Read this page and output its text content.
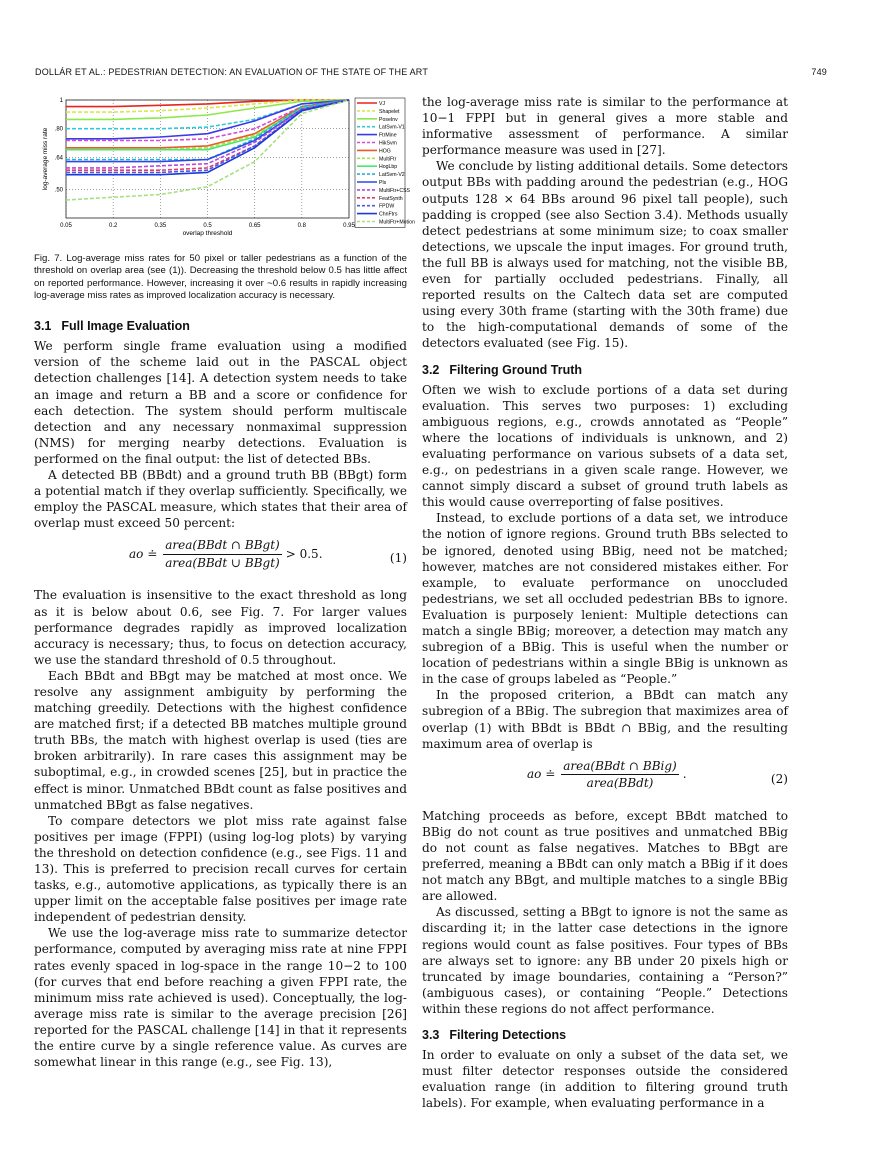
DOLLÁR ET AL.: PEDESTRIAN DETECTION: AN EVALUATION OF THE STATE OF THE ART	749
0.05	0.2	0.35	0.5	0.65	0.8	0.95
1
.80
.64
.50
overlap threshold
log-average miss rate
VJ
Shapelet
PoseInv
LatSvm-V1
FtrMine
HikSvm
HOG
MultiFtr
HogLbp
LatSvm-V2
Pls
MultiFtr+CSS
FeatSynth
FPDW
ChnFtrs
MultiFtr+Motion

Fig. 7. Log-average miss rates for 50 pixel or taller pedestrians as a function of the threshold on overlap area (see (1)). Decreasing the threshold below 0.5 has little affect on reported performance. However, increasing it over ~0.6 results in rapidly increasing log-average miss rates as improved localization accuracy is necessary.

3.1 Full Image Evaluation

We perform single frame evaluation using a modified version of the scheme laid out in the PASCAL object detection challenges [14]. A detection system needs to take an image and return a BB and a score or confidence for each detection. The system should perform multiscale detection and any necessary nonmaximal suppression (NMS) for merging nearby detections. Evaluation is performed on the final output: the list of detected BBs.

A detected BB (BBdt) and a ground truth BB (BBgt) form a potential match if they overlap sufficiently. Specifically, we employ the PASCAL measure, which states that their area of overlap must exceed 50 percent:

ao ≐ $\frac{\text{area(BBdt ∩ BBgt)}}{\text{area(BBdt ∪ BBgt)}} > 0.5$.	(1)

The evaluation is insensitive to the exact threshold as long as it is below about 0.6, see Fig. 7. For larger values performance degrades rapidly as improved localization accuracy is necessary; thus, to focus on detection accuracy, we use the standard threshold of 0.5 throughout.

Each BBdt and BBgt may be matched at most once. We resolve any assignment ambiguity by performing the matching greedily. Detections with the highest confidence are matched first; if a detected BB matches multiple ground truth BBs, the match with highest overlap is used (ties are broken arbitrarily). In rare cases this assignment may be suboptimal, e.g., in crowded scenes [25], but in practice the effect is minor. Unmatched BBdt count as false positives and unmatched BBgt as false negatives.

To compare detectors we plot miss rate against false positives per image (FPPI) (using log-log plots) by varying the threshold on detection confidence (e.g., see Figs. 11 and 13). This is preferred to precision recall curves for certain tasks, e.g., automotive applications, as typically there is an upper limit on the acceptable false positives per image rate independent of pedestrian density.

We use the log-average miss rate to summarize detector performance, computed by averaging miss rate at nine FPPI rates evenly spaced in log-space in the range 10−2 to 100 (for curves that end before reaching a given FPPI rate, the minimum miss rate achieved is used). Conceptually, the log-average miss rate is similar to the average precision [26] reported for the PASCAL challenge [14] in that it represents the entire curve by a single reference value. As curves are somewhat linear in this range (e.g., see Fig. 13),

the log-average miss rate is similar to the performance at 10−1 FPPI but in general gives a more stable and informative assessment of performance. A similar performance measure was used in [27].

We conclude by listing additional details. Some detectors output BBs with padding around the pedestrian (e.g., HOG outputs 128 × 64 BBs around 96 pixel tall people), such padding is cropped (see also Section 3.4). Methods usually detect pedestrians at some minimum size; to coax smaller detections, we upscale the input images. For ground truth, the full BB is always used for matching, not the visible BB, even for partially occluded pedestrians. Finally, all reported results on the Caltech data set are computed using every 30th frame (starting with the 30th frame) due to the high-computational demands of some of the detectors evaluated (see Fig. 15).

3.2 Filtering Ground Truth

Often we wish to exclude portions of a data set during evaluation. This serves two purposes: 1) excluding ambiguous regions, e.g., crowds annotated as “People” where the locations of individuals is unknown, and 2) evaluating performance on various subsets of a data set, e.g., on pedestrians in a given scale range. However, we cannot simply discard a subset of ground truth labels as this would cause overreporting of false positives.

Instead, to exclude portions of a data set, we introduce the notion of ignore regions. Ground truth BBs selected to be ignored, denoted using BBig, need not be matched; however, matches are not considered mistakes either. For example, to evaluate performance on unoccluded pedestrians, we set all occluded pedestrian BBs to ignore. Evaluation is purposely lenient: Multiple detections can match a single BBig; moreover, a detection may match any subregion of a BBig. This is useful when the number or location of pedestrians within a single BBig is unknown as in the case of groups labeled as “People.”

In the proposed criterion, a BBdt can match any subregion of a BBig. The subregion that maximizes area of overlap (1) with BBdt is BBdt ∩ BBig, and the resulting maximum area of overlap is

ao ≐ $\frac{\text{area(BBdt ∩ BBig)}}{\text{area(BBdt)}}$ .	(2)

Matching proceeds as before, except BBdt matched to BBig do not count as true positives and unmatched BBig do not count as false negatives. Matches to BBgt are preferred, meaning a BBdt can only match a BBig if it does not match any BBgt, and multiple matches to a single BBig are allowed.

As discussed, setting a BBgt to ignore is not the same as discarding it; in the latter case detections in the ignore regions would count as false positives. Four types of BBs are always set to ignore: any BB under 20 pixels high or truncated by image boundaries, containing a “Person?” (ambiguous cases), or containing “People.” Detections within these regions do not affect performance.

3.3 Filtering Detections

In order to evaluate on only a subset of the data set, we must filter detector responses outside the considered evaluation range (in addition to filtering ground truth labels). For example, when evaluating performance in a
